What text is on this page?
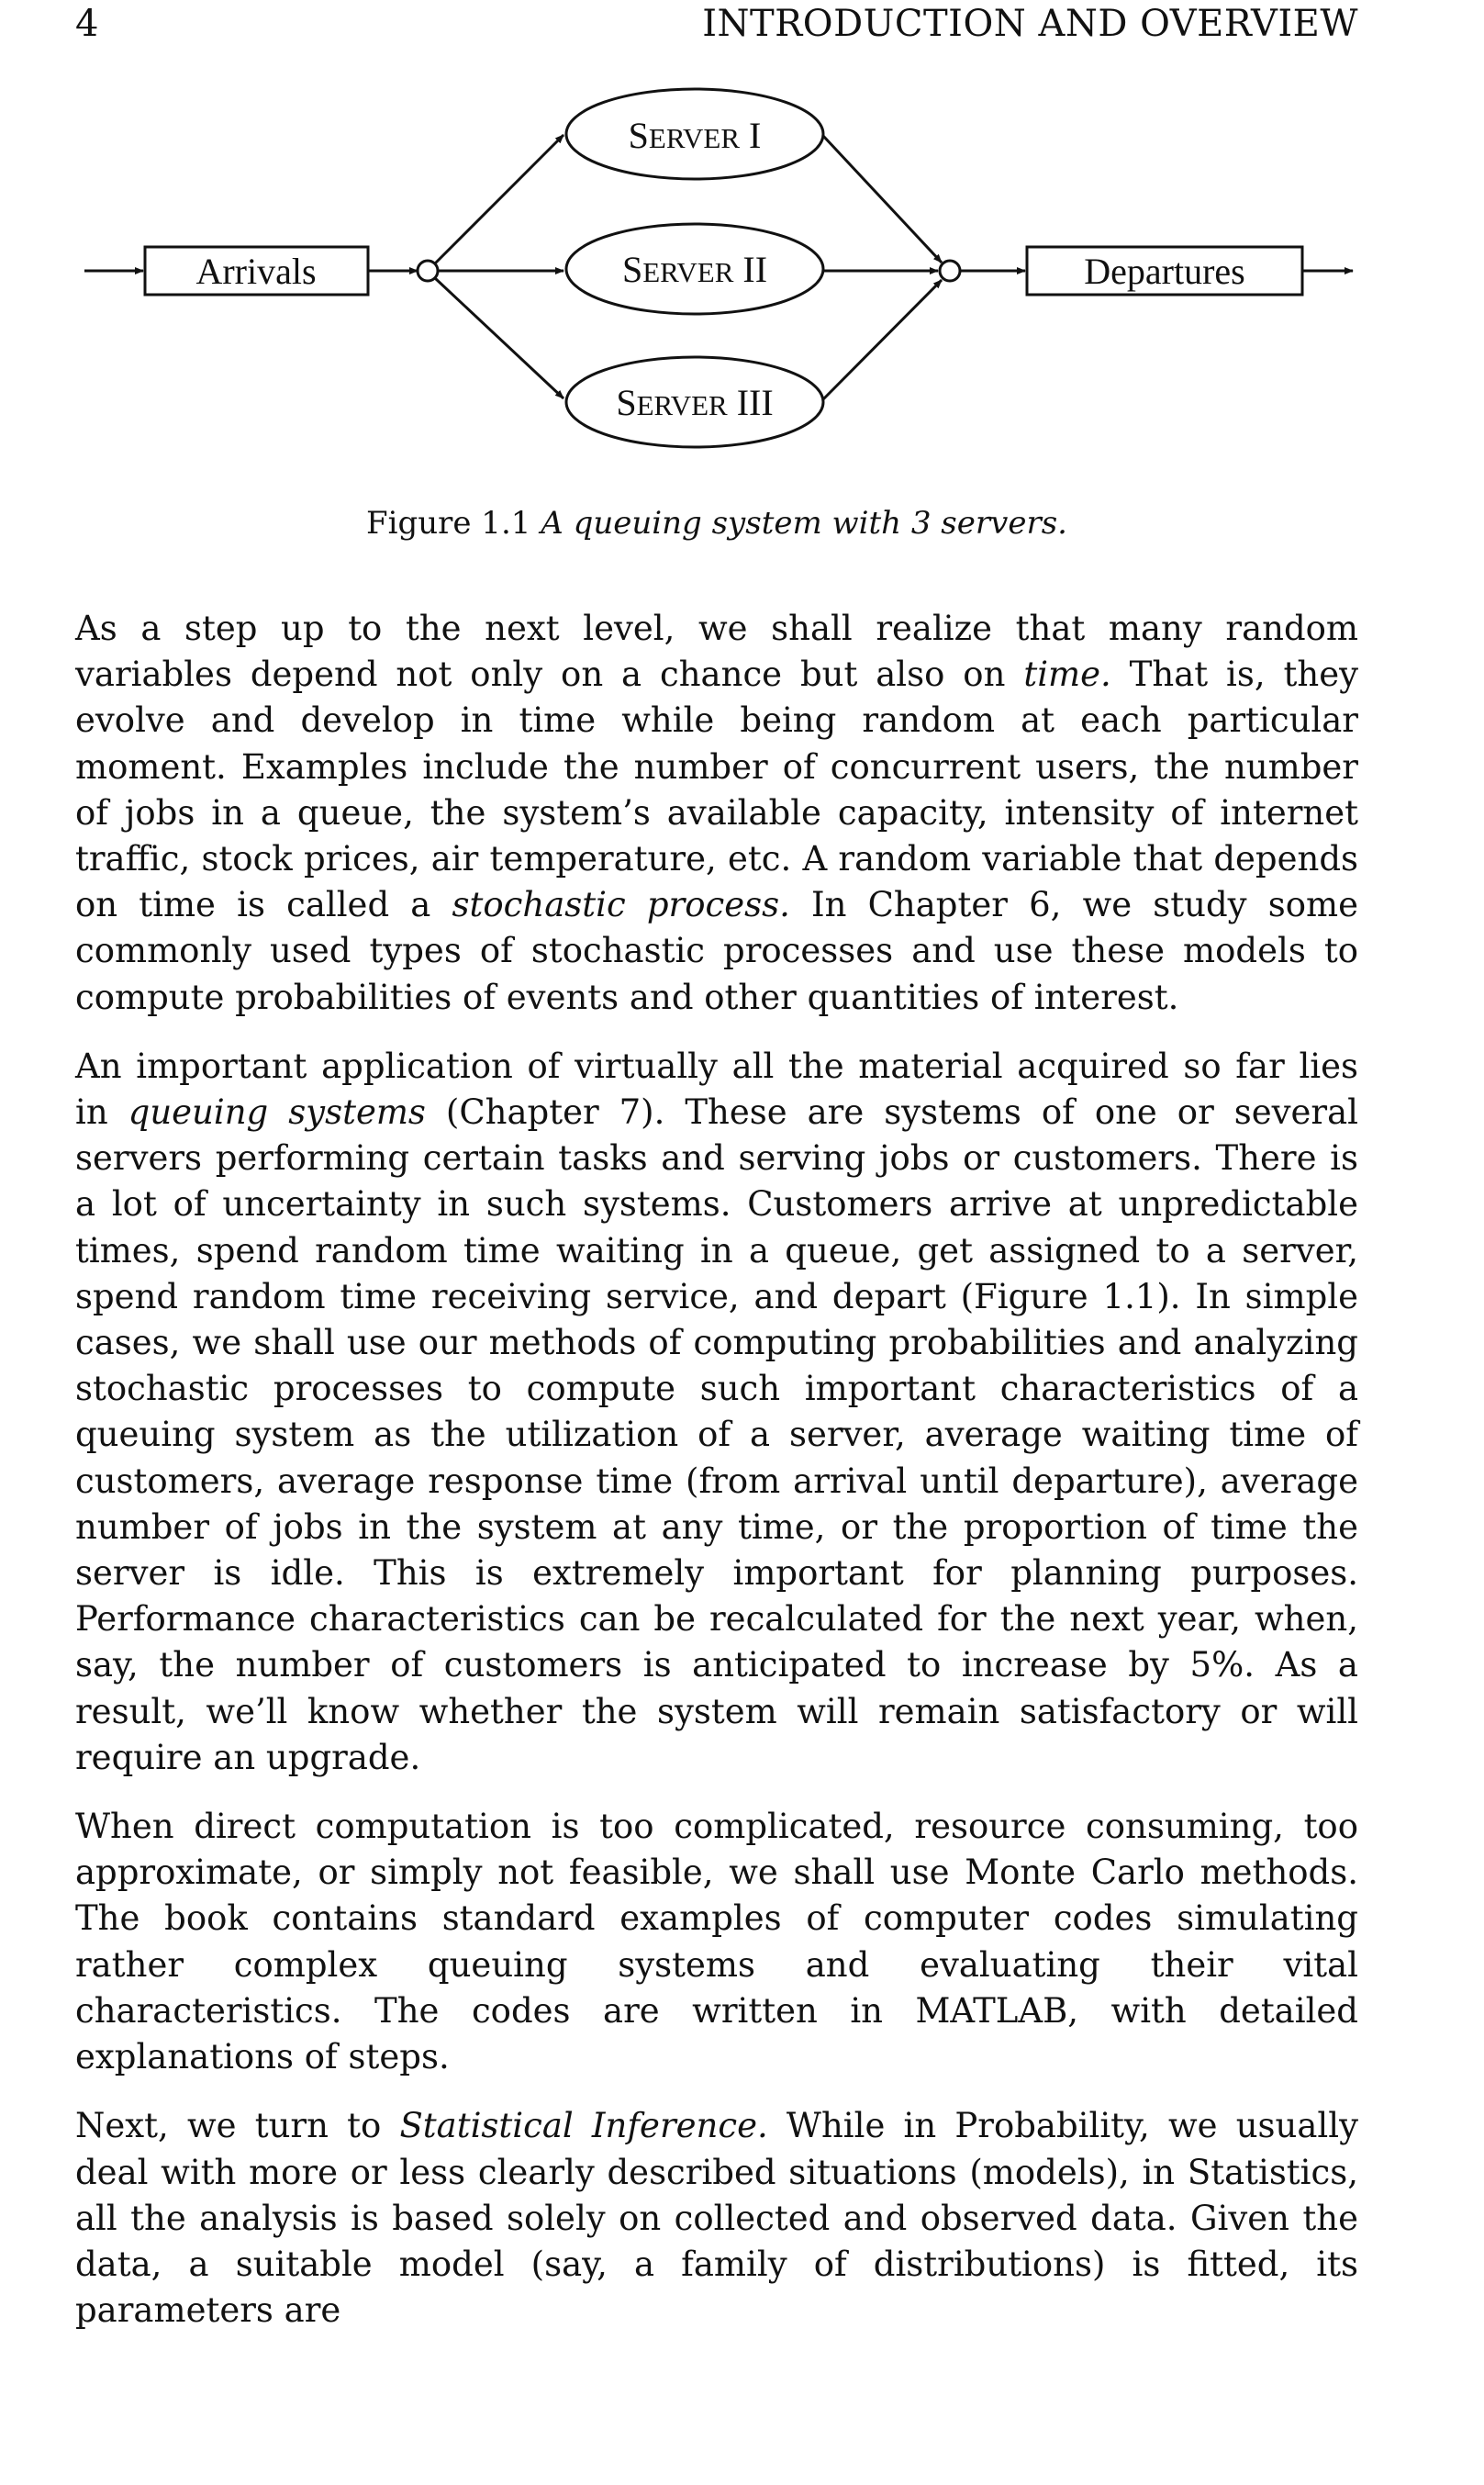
4	INTRODUCTION AND OVERVIEW
Arrivals
SERVER I
SERVER II
SERVER III
Departures
Figure 1.1 A queuing system with 3 servers.

As a step up to the next level, we shall realize that many random variables depend not only on a chance but also on time. That is, they evolve and develop in time while being random at each particular moment. Examples include the number of concurrent users, the number of jobs in a queue, the system’s available capacity, intensity of internet traffic, stock prices, air temperature, etc. A random variable that depends on time is called a stochastic process. In Chapter 6, we study some commonly used types of stochastic processes and use these models to compute probabilities of events and other quantities of interest.

An important application of virtually all the material acquired so far lies in queuing systems (Chapter 7). These are systems of one or several servers performing certain tasks and serving jobs or customers. There is a lot of uncertainty in such systems. Customers arrive at unpredictable times, spend random time waiting in a queue, get assigned to a server, spend random time receiving service, and depart (Figure 1.1). In simple cases, we shall use our methods of computing probabilities and analyzing stochastic processes to compute such important characteristics of a queuing system as the utilization of a server, average waiting time of customers, average response time (from arrival until departure), average number of jobs in the system at any time, or the proportion of time the server is idle. This is extremely important for planning purposes. Performance characteristics can be recalculated for the next year, when, say, the number of customers is anticipated to increase by 5%. As a result, we’ll know whether the system will remain satisfactory or will require an upgrade.

When direct computation is too complicated, resource consuming, too approximate, or simply not feasible, we shall use Monte Carlo methods. The book contains standard examples of computer codes simulating rather complex queuing systems and evaluating their vital characteristics. The codes are written in MATLAB, with detailed explanations of steps.

Next, we turn to Statistical Inference. While in Probability, we usually deal with more or less clearly described situations (models), in Statistics, all the analysis is based solely on collected and observed data. Given the data, a suitable model (say, a family of distributions) is fitted, its parameters are
